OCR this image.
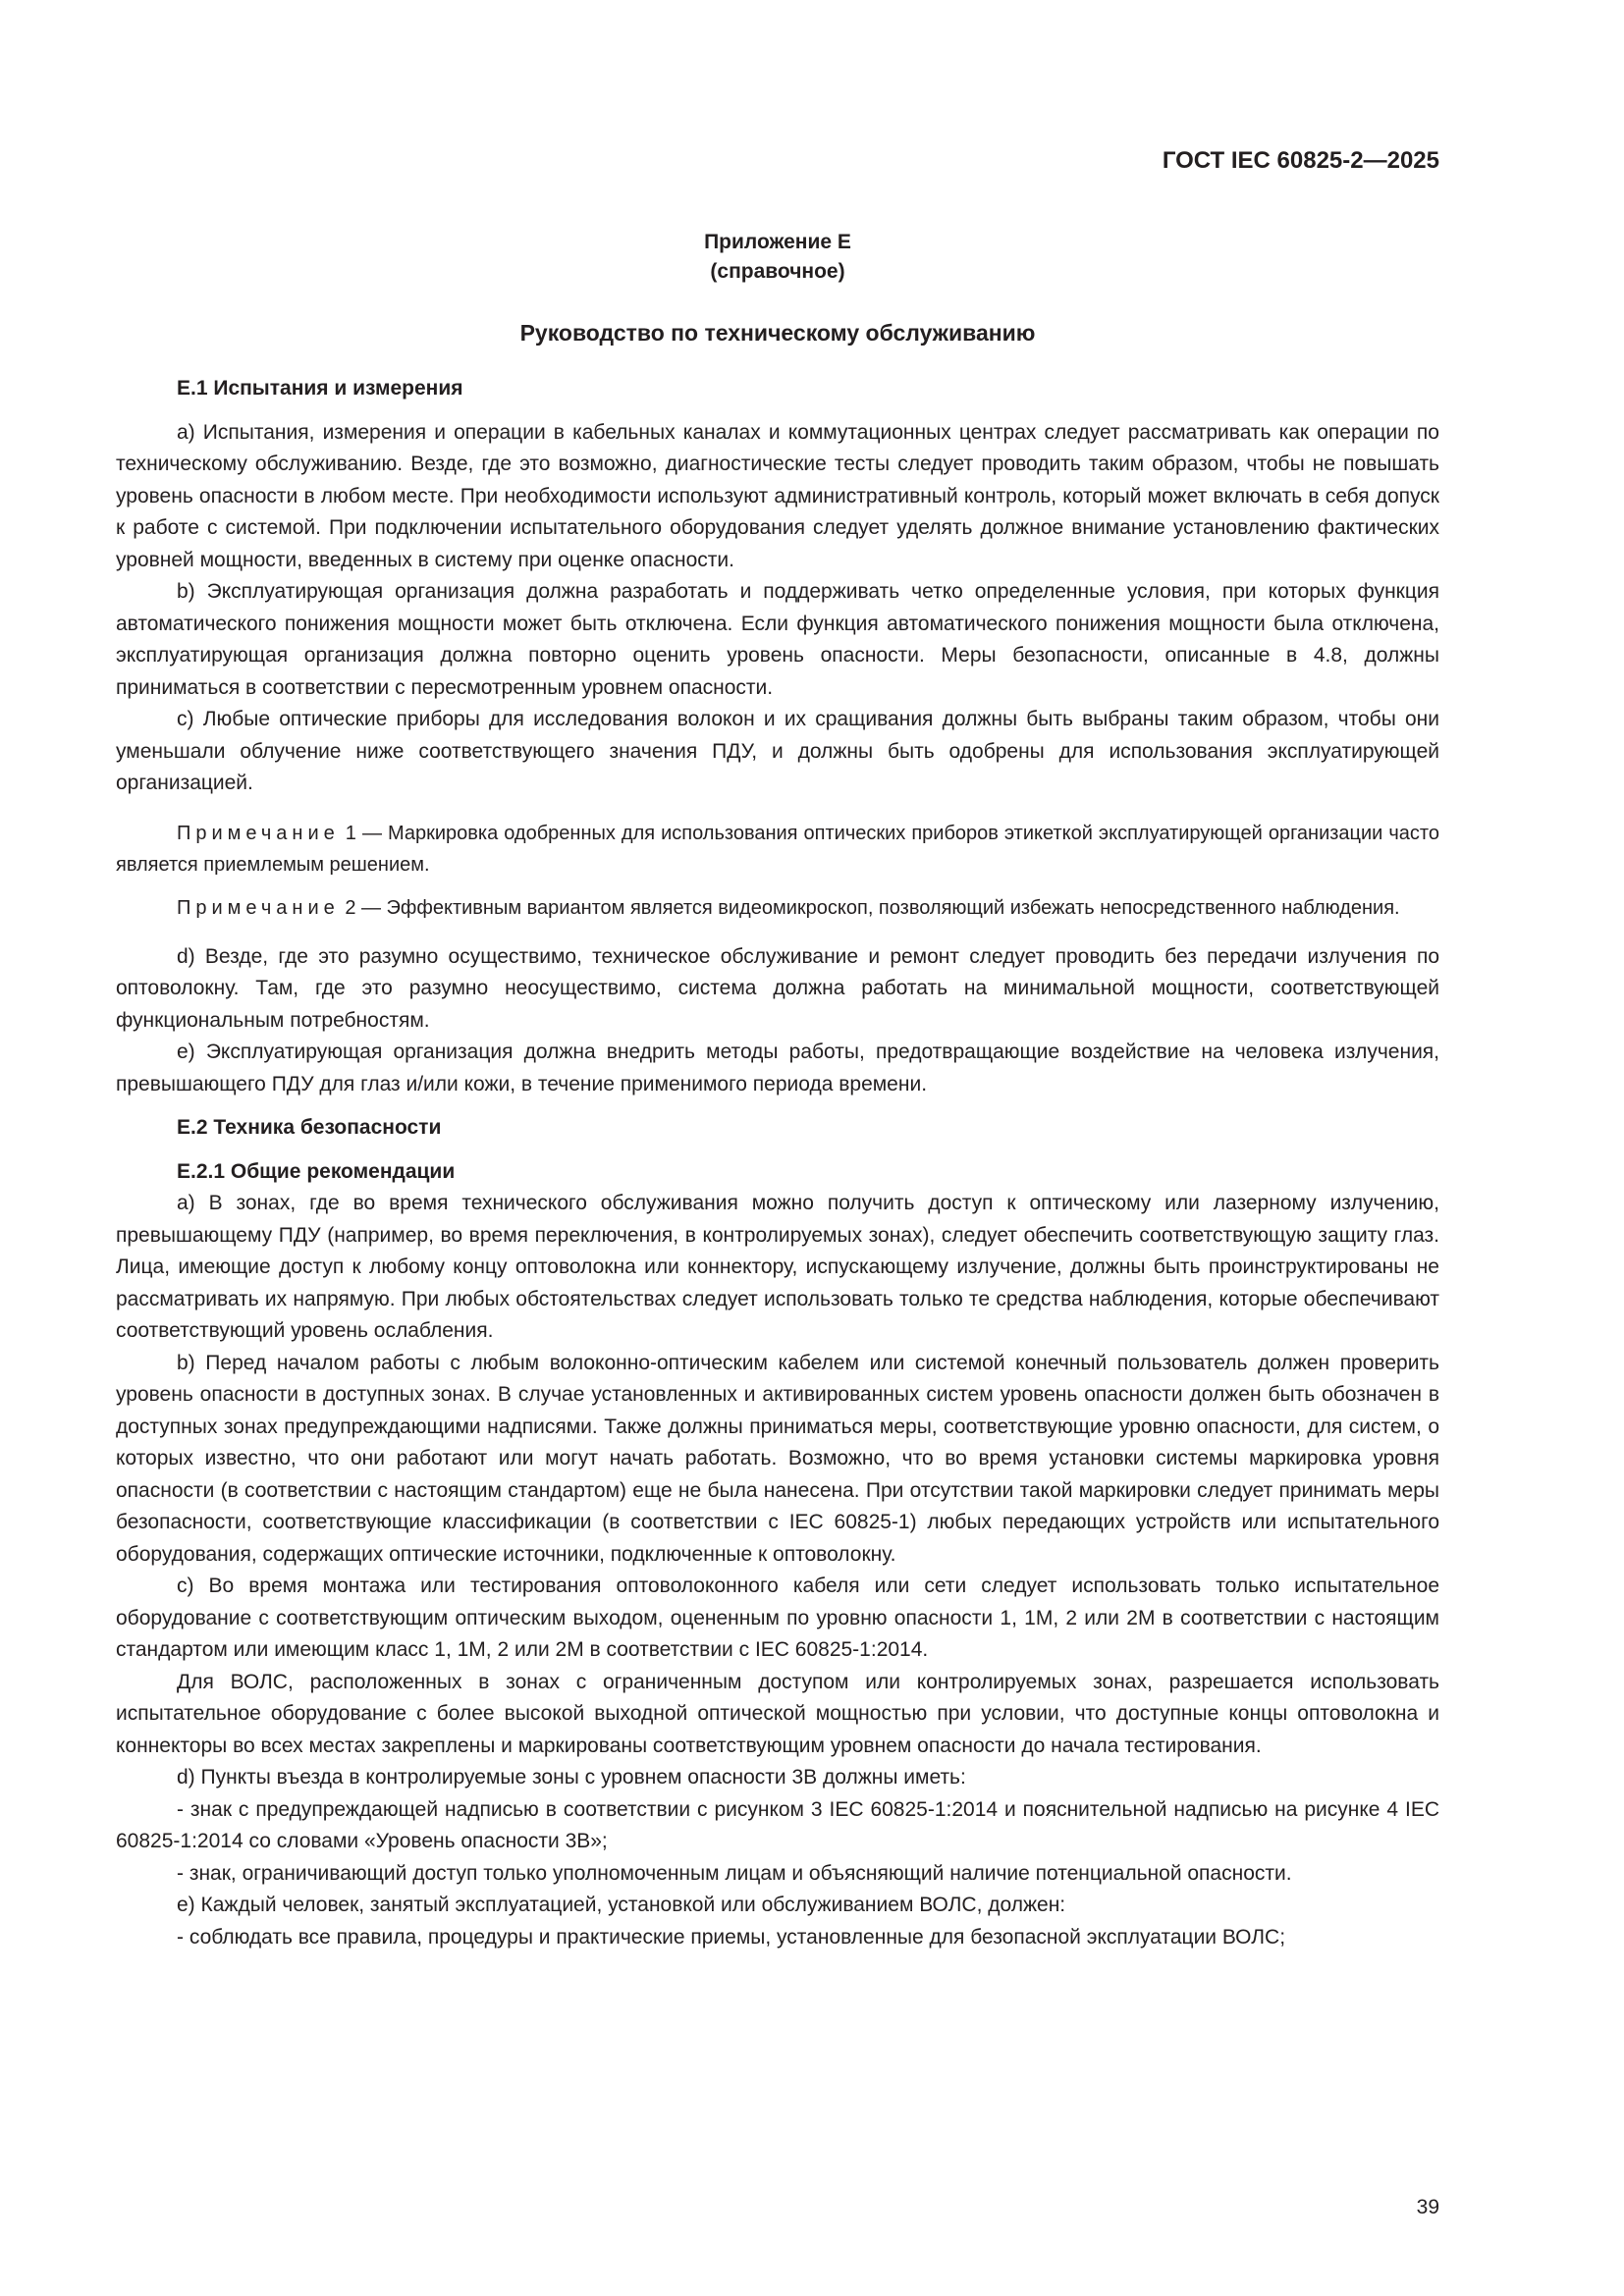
ГОСТ IEC 60825-2—2025
Приложение Е
(справочное)
Руководство по техническому обслуживанию

Е.1 Испытания и измерения

а) Испытания, измерения и операции в кабельных каналах и коммутационных центрах следует рассматривать как операции по техническому обслуживанию. Везде, где это возможно, диагностические тесты следует проводить таким образом, чтобы не повышать уровень опасности в любом месте. При необходимости используют административный контроль, который может включать в себя допуск к работе с системой. При подключении испытательного оборудования следует уделять должное внимание установлению фактических уровней мощности, введенных в систему при оценке опасности.

b) Эксплуатирующая организация должна разработать и поддерживать четко определенные условия, при которых функция автоматического понижения мощности может быть отключена. Если функция автоматического понижения мощности была отключена, эксплуатирующая организация должна повторно оценить уровень опасности. Меры безопасности, описанные в 4.8, должны приниматься в соответствии с пересмотренным уровнем опасности.

с) Любые оптические приборы для исследования волокон и их сращивания должны быть выбраны таким образом, чтобы они уменьшали облучение ниже соответствующего значения ПДУ, и должны быть одобрены для использования эксплуатирующей организацией.

Примечание 1 — Маркировка одобренных для использования оптических приборов этикеткой эксплуатирующей организации часто является приемлемым решением.

Примечание 2 — Эффективным вариантом является видеомикроскоп, позволяющий избежать непосредственного наблюдения.

d) Везде, где это разумно осуществимо, техническое обслуживание и ремонт следует проводить без передачи излучения по оптоволокну. Там, где это разумно неосуществимо, система должна работать на минимальной мощности, соответствующей функциональным потребностям.

е) Эксплуатирующая организация должна внедрить методы работы, предотвращающие воздействие на человека излучения, превышающего ПДУ для глаз и/или кожи, в течение применимого периода времени.

Е.2 Техника безопасности

Е.2.1 Общие рекомендации

а) В зонах, где во время технического обслуживания можно получить доступ к оптическому или лазерному излучению, превышающему ПДУ (например, во время переключения, в контролируемых зонах), следует обеспечить соответствующую защиту глаз. Лица, имеющие доступ к любому концу оптоволокна или коннектору, испускающему излучение, должны быть проинструктированы не рассматривать их напрямую. При любых обстоятельствах следует использовать только те средства наблюдения, которые обеспечивают соответствующий уровень ослабления.

b) Перед началом работы с любым волоконно-оптическим кабелем или системой конечный пользователь должен проверить уровень опасности в доступных зонах. В случае установленных и активированных систем уровень опасности должен быть обозначен в доступных зонах предупреждающими надписями. Также должны приниматься меры, соответствующие уровню опасности, для систем, о которых известно, что они работают или могут начать работать. Возможно, что во время установки системы маркировка уровня опасности (в соответствии с настоящим стандартом) еще не была нанесена. При отсутствии такой маркировки следует принимать меры безопасности, соответствующие классификации (в соответствии с IEC 60825-1) любых передающих устройств или испытательного оборудования, содержащих оптические источники, подключенные к оптоволокну.

с) Во время монтажа или тестирования оптоволоконного кабеля или сети следует использовать только испытательное оборудование с соответствующим оптическим выходом, оцененным по уровню опасности 1, 1М, 2 или 2М в соответствии с настоящим стандартом или имеющим класс 1, 1М, 2 или 2М в соответствии с IEC 60825-1:2014.

Для ВОЛС, расположенных в зонах с ограниченным доступом или контролируемых зонах, разрешается использовать испытательное оборудование с более высокой выходной оптической мощностью при условии, что доступные концы оптоволокна и коннекторы во всех местах закреплены и маркированы соответствующим уровнем опасности до начала тестирования.

d) Пункты въезда в контролируемые зоны с уровнем опасности 3В должны иметь:

- знак с предупреждающей надписью в соответствии с рисунком 3 IEC 60825-1:2014 и пояснительной надписью на рисунке 4 IEC 60825-1:2014 со словами «Уровень опасности 3В»;

- знак, ограничивающий доступ только уполномоченным лицам и объясняющий наличие потенциальной опасности.

е) Каждый человек, занятый эксплуатацией, установкой или обслуживанием ВОЛС, должен:

- соблюдать все правила, процедуры и практические приемы, установленные для безопасной эксплуатации ВОЛС;

39
